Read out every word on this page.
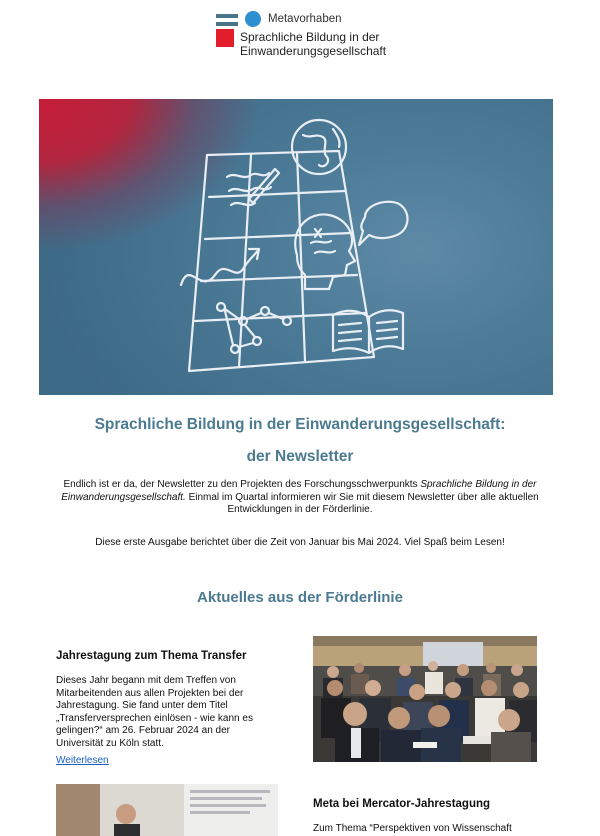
Metavorhaben
Sprachliche Bildung in der
Einwanderungsgesellschaft
Sprachliche Bildung in der Einwanderungsgesellschaft:
der Newsletter

Endlich ist er da, der Newsletter zu den Projekten des Forschungsschwerpunkts Sprachliche Bildung in der Einwanderungsgesellschaft. Einmal im Quartal informieren wir Sie mit diesem Newsletter über alle aktuellen Entwicklungen in der Förderlinie.

Diese erste Ausgabe berichtet über die Zeit von Januar bis Mai 2024. Viel Spaß beim Lesen!

Aktuelles aus der Förderlinie
Jahrestagung zum Thema Transfer

Dieses Jahr begann mit dem Treffen von Mitarbeitenden aus allen Projekten bei der Jahrestagung. Sie fand unter dem Titel „Transferversprechen einlösen - wie kann es gelingen?“ am 26. Februar 2024 an der Universität zu Köln statt.

Weiterlesen
Meta bei Mercator-Jahrestagung

Zum Thema “Perspektiven von Wissenschaft
